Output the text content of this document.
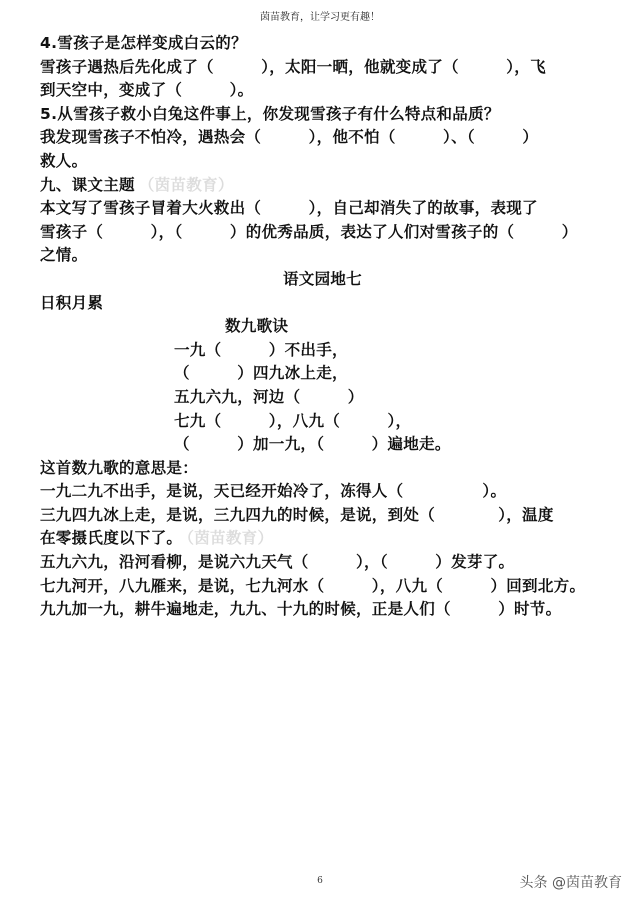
茵苗教育，让学习更有趣！
4.雪孩子是怎样变成白云的？
雪孩子遇热后先化成了（　　　），太阳一晒，他就变成了（　　　），飞
到天空中，变成了（　　　）。
5.从雪孩子救小白兔这件事上，你发现雪孩子有什么特点和品质？
我发现雪孩子不怕冷，遇热会（　　　），他不怕（　　　）、（　　　）
救人。
九、课文主题 （茵苗教育）
本文写了雪孩子冒着大火救出（　　　），自己却消失了的故事，表现了
雪孩子（　　　），（　　　）的优秀品质，表达了人们对雪孩子的（　　　）
之情。
语文园地七
日积月累
数九歌诀
一九（　　　）不出手，
（　　　）四九冰上走，
五九六九，河边（　　　）
七九（　　　），八九（　　　），
（　　　）加一九，（　　　）遍地走。
这首数九歌的意思是：
一九二九不出手，是说，天已经开始冷了，冻得人（　　　　　）。
三九四九冰上走，是说，三九四九的时候，是说，到处（　　　　），温度
在零摄氏度以下了。 （茵苗教育）
五九六九，沿河看柳，是说六九天气（　　　），（　　　）发芽了。
七九河开，八九雁来，是说，七九河水（　　　），八九（　　　）回到北方。
九九加一九，耕牛遍地走，九九、十九的时候，正是人们（　　　）时节。
6	头条 @茵苗教育
